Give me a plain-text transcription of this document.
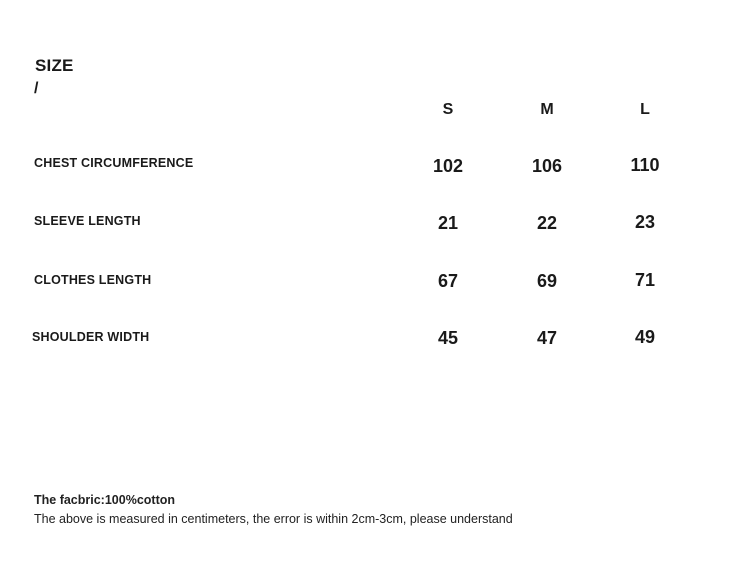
SIZE
/
S	M	L
CHEST CIRCUMFERENCE	102	106	110
SLEEVE LENGTH	21	22	23
CLOTHES LENGTH	67	69	71
SHOULDER WIDTH	45	47	49
The facbric:100%cotton
The above is measured in centimeters, the error is within 2cm-3cm, please understand
